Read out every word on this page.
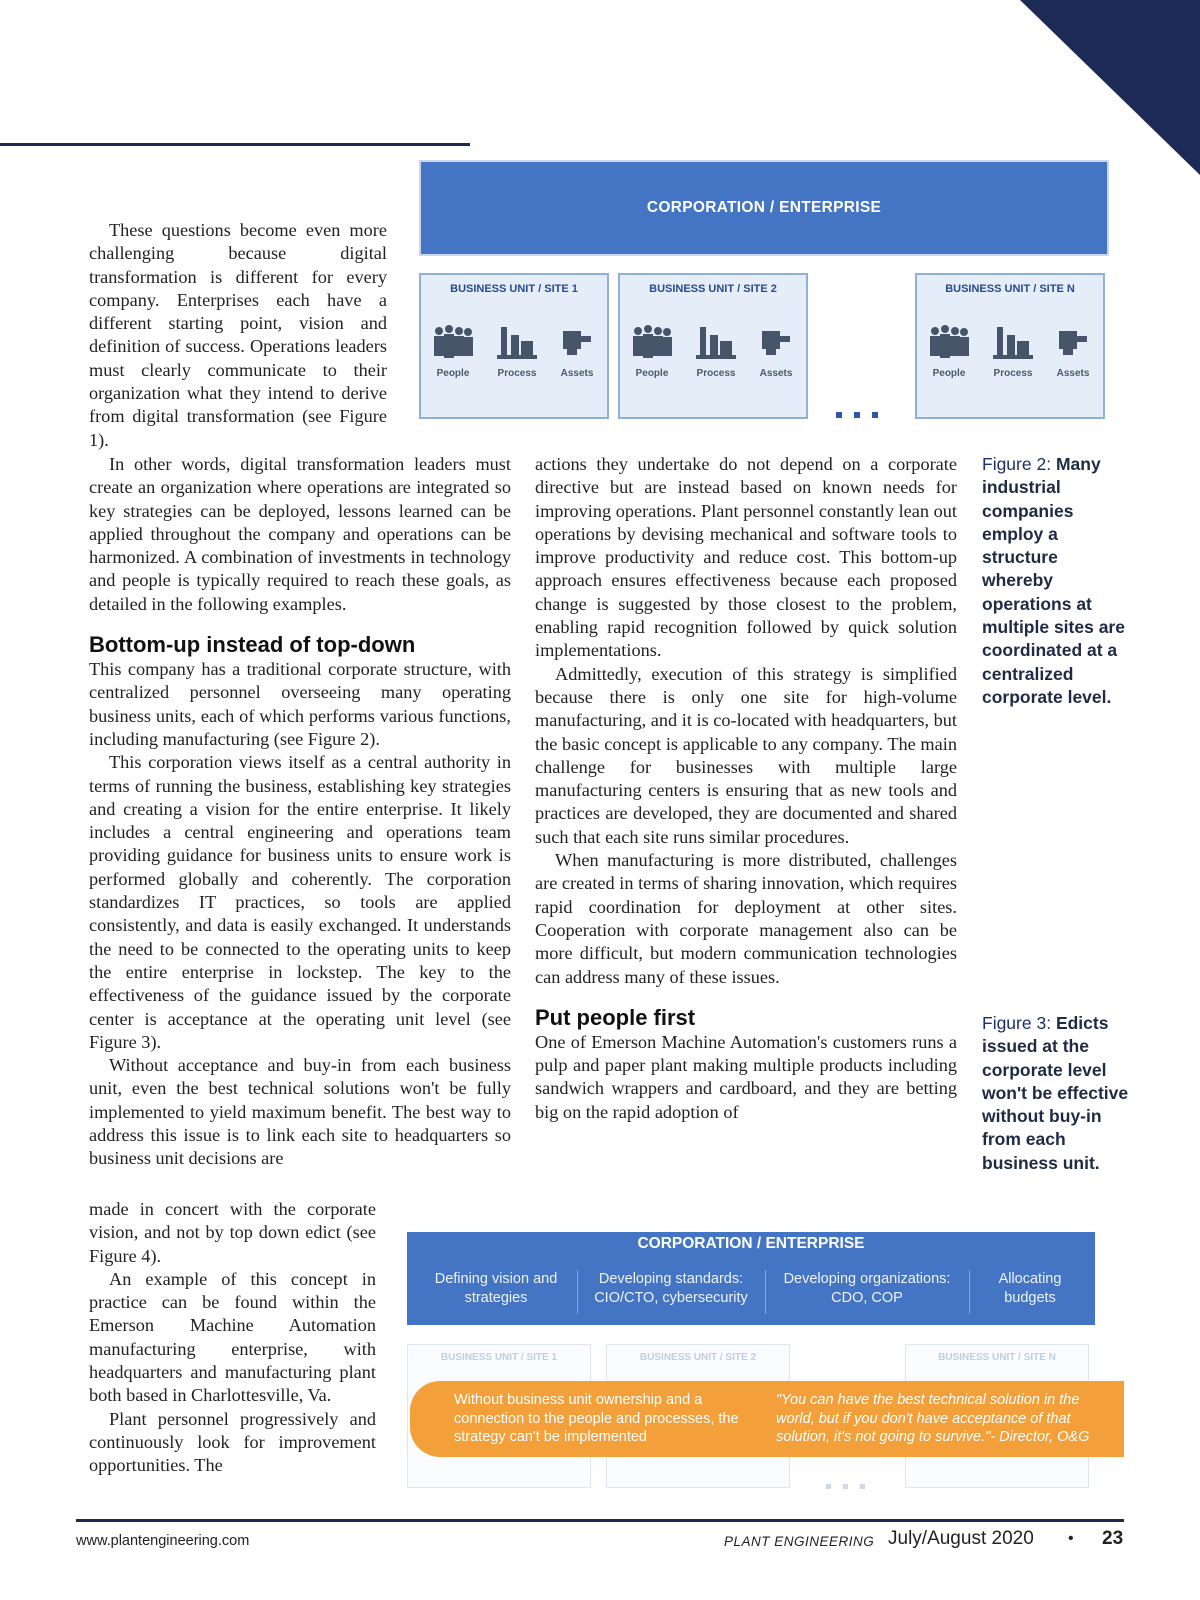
CORPORATION / ENTERPRISE
BUSINESS UNIT / SITE 1
People	Process	Assets
BUSINESS UNIT / SITE 2
People	Process	Assets
BUSINESS UNIT / SITE N
People	Process	Assets

These questions become even more challenging because digital transformation is different for every company. Enterprises each have a different starting point, vision and definition of success. Operations leaders must clearly communicate to their organization what they intend to derive from digital transformation (see Figure 1).

In other words, digital transformation leaders must create an organization where operations are integrated so key strategies can be deployed, lessons learned can be applied throughout the company and operations can be harmonized. A combination of investments in technology and people is typically required to reach these goals, as detailed in the following examples.

Bottom-up instead of top-down

This company has a traditional corporate structure, with centralized personnel overseeing many operating business units, each of which performs various functions, including manufacturing (see Figure 2).

This corporation views itself as a central authority in terms of running the business, establishing key strategies and creating a vision for the entire enterprise. It likely includes a central engineering and operations team providing guidance for business units to ensure work is performed globally and coherently. The corporation standardizes IT practices, so tools are applied consistently, and data is easily exchanged. It understands the need to be connected to the operating units to keep the entire enterprise in lockstep. The key to the effectiveness of the guidance issued by the corporate center is acceptance at the operating unit level (see Figure 3).

Without acceptance and buy-in from each business unit, even the best technical solutions won't be fully implemented to yield maximum benefit. The best way to address this issue is to link each site to headquarters so business unit decisions are

made in concert with the corporate vision, and not by top down edict (see Figure 4).

An example of this concept in practice can be found within the Emerson Machine Automation manufacturing enterprise, with headquarters and manufacturing plant both based in Charlottesville, Va.

Plant personnel progressively and continuously look for improvement opportunities. The

actions they undertake do not depend on a corporate directive but are instead based on known needs for improving operations. Plant personnel constantly lean out operations by devising mechanical and software tools to improve productivity and reduce cost. This bottom-up approach ensures effectiveness because each proposed change is suggested by those closest to the problem, enabling rapid recognition followed by quick solution implementations.

Admittedly, execution of this strategy is simplified because there is only one site for high-volume manufacturing, and it is co-located with headquarters, but the basic concept is applicable to any company. The main challenge for businesses with multiple large manufacturing centers is ensuring that as new tools and practices are developed, they are documented and shared such that each site runs similar procedures.

When manufacturing is more distributed, challenges are created in terms of sharing innovation, which requires rapid coordination for deployment at other sites. Cooperation with corporate management also can be more difficult, but modern communication technologies can address many of these issues.

Put people first

One of Emerson Machine Automation's customers runs a pulp and paper plant making multiple products including sandwich wrappers and cardboard, and they are betting big on the rapid adoption of

Figure 2: Many industrial companies employ a structure whereby operations at multiple sites are coordinated at a centralized corporate level.
Figure 3: Edicts issued at the corporate level won't be effective without buy-in from each business unit.
CORPORATION / ENTERPRISE
Defining vision and strategies
Developing standards: CIO/CTO, cybersecurity
Developing organizations: CDO, COP
Allocating budgets
BUSINESS UNIT / SITE 1	BUSINESS UNIT / SITE 2	BUSINESS UNIT / SITE N
Without business unit ownership and a connection to the people and processes, the strategy can't be implemented
"You can have the best technical solution in the world, but if you don't have acceptance of that solution, it's not going to survive."- Director, O&G
www.plantengineering.com	PLANT ENGINEERING July/August 2020 • 23
